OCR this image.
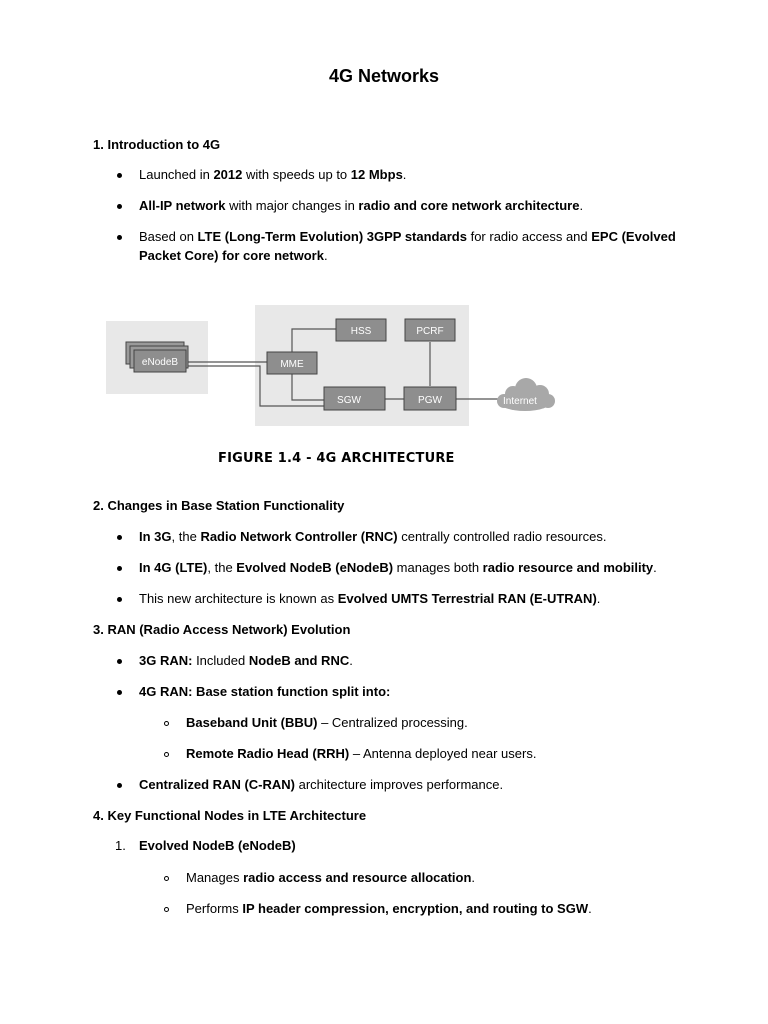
4G Networks
1. Introduction to 4G
Launched in 2012 with speeds up to 12 Mbps.
All-IP network with major changes in radio and core network architecture.
Based on LTE (Long-Term Evolution) 3GPP standards for radio access and EPC (Evolved
Packet Core) for core network.
eNodeB
HSS	PCRF
MME
SGW	PGW	Internet
FIGURE 1.4 - 4G ARCHITECTURE
2. Changes in Base Station Functionality
In 3G, the Radio Network Controller (RNC) centrally controlled radio resources.
In 4G (LTE), the Evolved NodeB (eNodeB) manages both radio resource and mobility.
This new architecture is known as Evolved UMTS Terrestrial RAN (E-UTRAN).
3. RAN (Radio Access Network) Evolution
3G RAN: Included NodeB and RNC.
4G RAN: Base station function split into:
Baseband Unit (BBU) – Centralized processing.
Remote Radio Head (RRH) – Antenna deployed near users.
Centralized RAN (C-RAN) architecture improves performance.
4. Key Functional Nodes in LTE Architecture
1. Evolved NodeB (eNodeB)
Manages radio access and resource allocation.
Performs IP header compression, encryption, and routing to SGW.
